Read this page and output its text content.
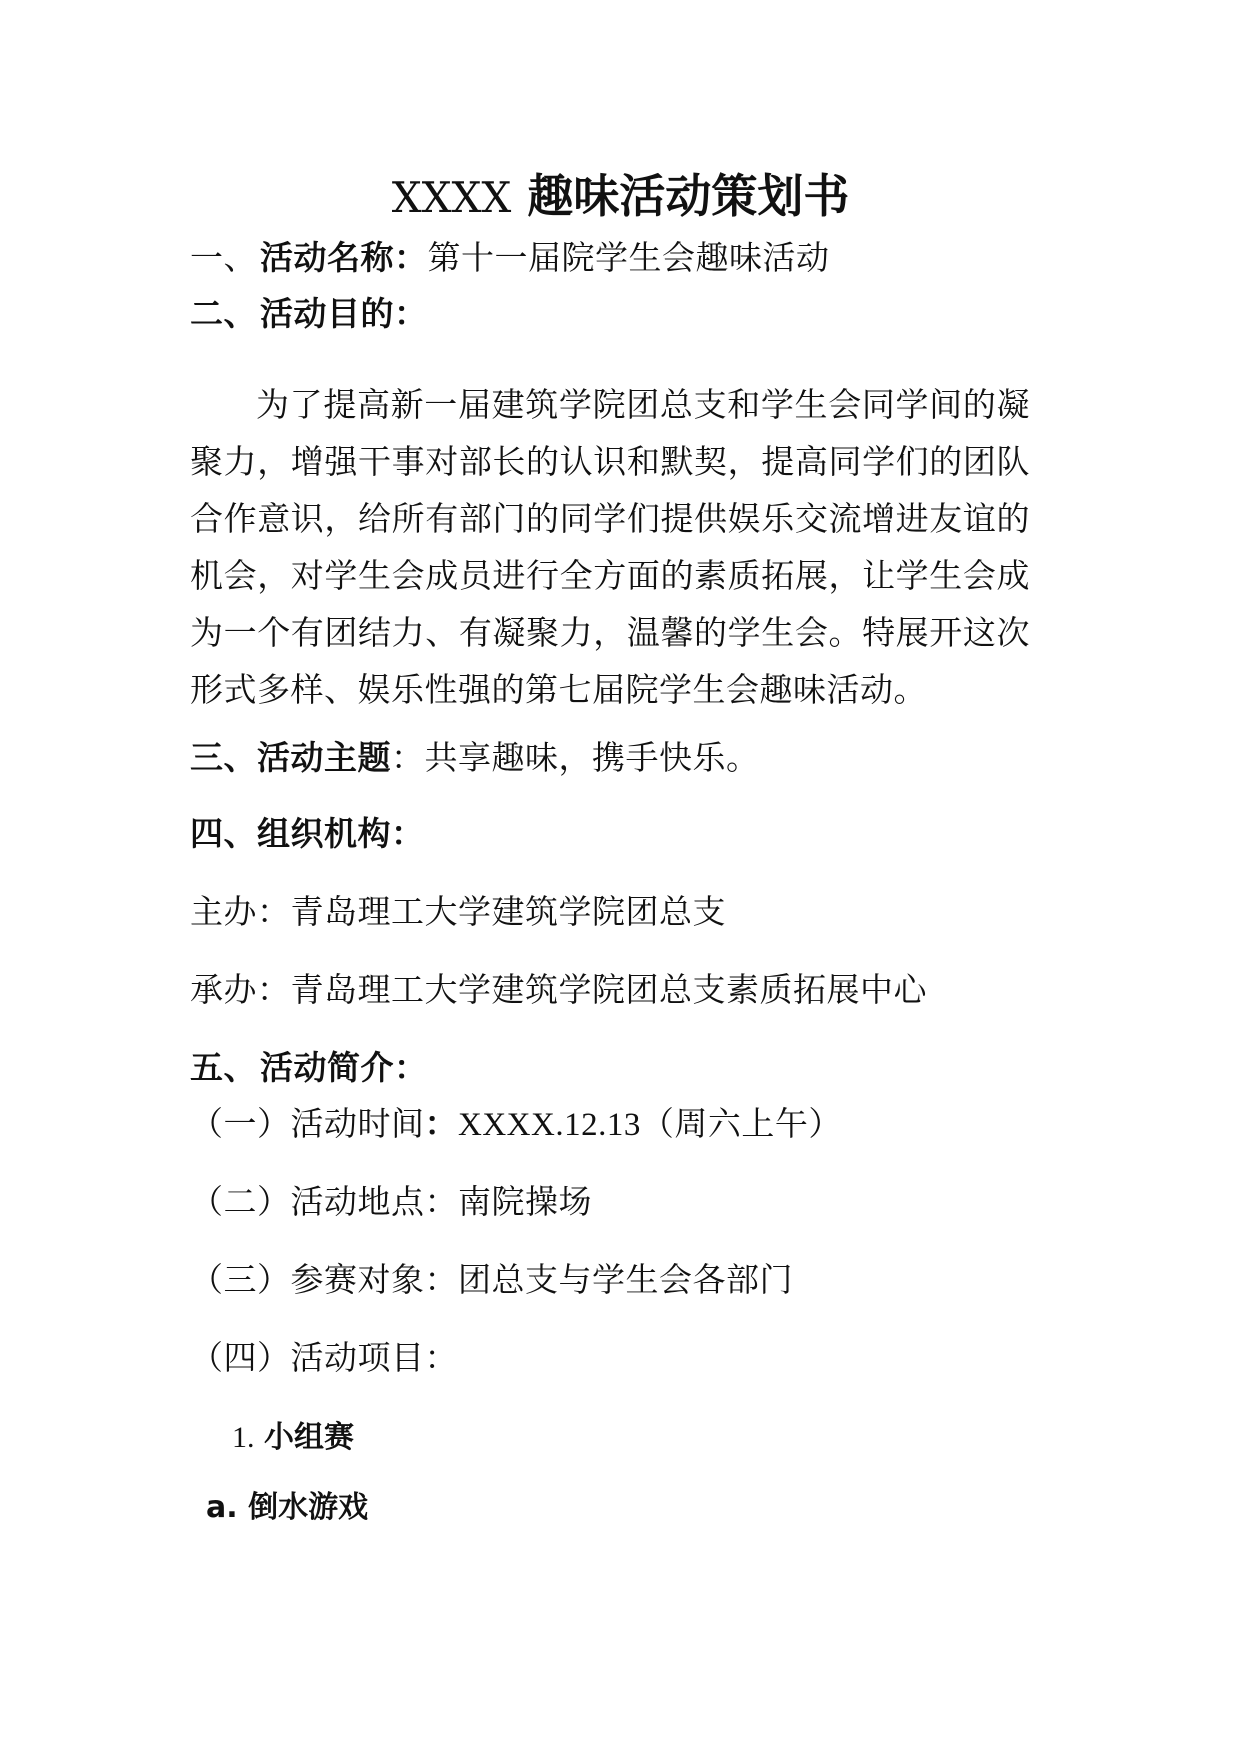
XXXX 趣味活动策划书
一、活动名称：第十一届院学生会趣味活动
二、活动目的：
为了提高新一届建筑学院团总支和学生会同学间的凝聚力，增强干事对部长的认识和默契，提高同学们的团队合作意识，给所有部门的同学们提供娱乐交流增进友谊的机会，对学生会成员进行全方面的素质拓展，让学生会成为一个有团结力、有凝聚力，温馨的学生会。特展开这次形式多样、娱乐性强的第七届院学生会趣味活动。
三、活动主题：共享趣味，携手快乐。
四、组织机构：
主办：青岛理工大学建筑学院团总支
承办：青岛理工大学建筑学院团总支素质拓展中心
五、活动简介：
（一）活动时间：XXXX.12.13（周六上午）
（二）活动地点：南院操场
（三）参赛对象：团总支与学生会各部门
（四）活动项目：
1. 小组赛
a. 倒水游戏
